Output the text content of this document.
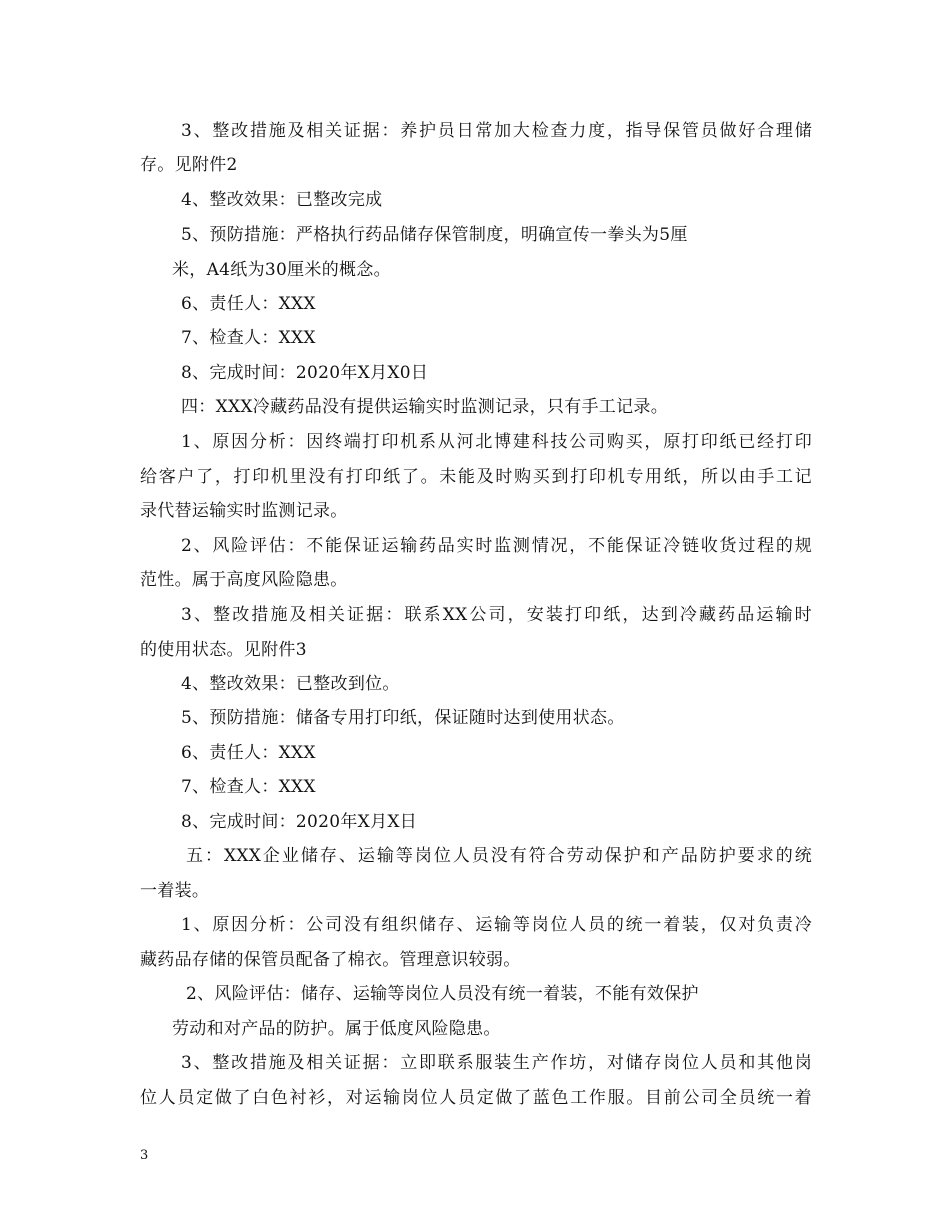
3、整改措施及相关证据：养护员日常加大检查力度，指导保管员做好合理储
存。见附件2
4、整改效果：已整改完成
5、预防措施：严格执行药品储存保管制度，明确宣传一拳头为5厘
米，A4纸为30厘米的概念。
6、责任人：XXX
7、检查人：XXX
8、完成时间：2020年X月X0日
四：XXX冷藏药品没有提供运输实时监测记录，只有手工记录。
1、原因分析：因终端打印机系从河北博建科技公司购买，原打印纸已经打印
给客户了，打印机里没有打印纸了。未能及时购买到打印机专用纸，所以由手工记
录代替运输实时监测记录。
2、风险评估：不能保证运输药品实时监测情况，不能保证冷链收货过程的规
范性。属于高度风险隐患。
3、整改措施及相关证据：联系XX公司，安装打印纸，达到冷藏药品运输时
的使用状态。见附件3
4、整改效果：已整改到位。
5、预防措施：储备专用打印纸，保证随时达到使用状态。
6、责任人：XXX
7、检查人：XXX
8、完成时间：2020年X月X日
五：XXX企业储存、运输等岗位人员没有符合劳动保护和产品防护要求的统
一着装。
1、原因分析：公司没有组织储存、运输等岗位人员的统一着装，仅对负责冷
藏药品存储的保管员配备了棉衣。管理意识较弱。
2、风险评估：储存、运输等岗位人员没有统一着装，不能有效保护
劳动和对产品的防护。属于低度风险隐患。
3、整改措施及相关证据：立即联系服装生产作坊，对储存岗位人员和其他岗
位人员定做了白色衬衫，对运输岗位人员定做了蓝色工作服。目前公司全员统一着
3
